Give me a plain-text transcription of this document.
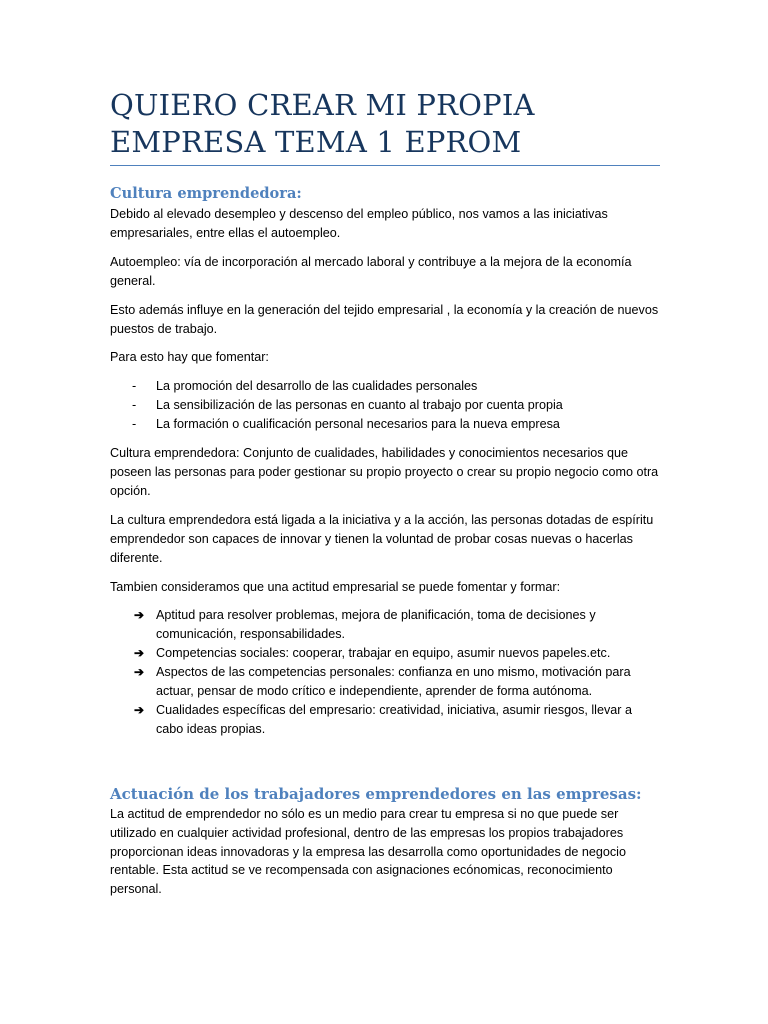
QUIERO CREAR MI PROPIA
EMPRESA TEMA 1 EPROM
Cultura emprendedora:

Debido al elevado desempleo y descenso del empleo público, nos vamos a las iniciativas empresariales, entre ellas el autoempleo.

Autoempleo: vía de incorporación al mercado laboral y contribuye a la mejora de la economía general.

Esto además influye en la generación del tejido empresarial , la economía y la creación de nuevos puestos de trabajo.

Para esto hay que fomentar:

- La promoción del desarrollo de las cualidades personales
- La sensibilización de las personas en cuanto al trabajo por cuenta propia
- La formación o cualificación personal necesarios para la nueva empresa

Cultura emprendedora: Conjunto de cualidades, habilidades y conocimientos necesarios que poseen las personas para poder gestionar su propio proyecto o crear su propio negocio como otra opción.

La cultura emprendedora está ligada a la iniciativa y a la acción, las personas dotadas de espíritu emprendedor son capaces de innovar y tienen la voluntad de probar cosas nuevas o hacerlas diferente.

Tambien consideramos que una actitud empresarial se puede fomentar y formar:

➔ Aptitud para resolver problemas, mejora de planificación, toma de decisiones y comunicación, responsabilidades.
➔ Competencias sociales: cooperar, trabajar en equipo, asumir nuevos papeles.etc.
➔ Aspectos de las competencias personales: confianza en uno mismo, motivación para actuar, pensar de modo crítico e independiente, aprender de forma autónoma.
➔ Cualidades específicas del empresario: creatividad, iniciativa, asumir riesgos, llevar a cabo ideas propias.
Actuación de los trabajadores emprendedores en las empresas:

La actitud de emprendedor no sólo es un medio para crear tu empresa si no que puede ser utilizado en cualquier actividad profesional, dentro de las empresas los propios trabajadores proporcionan ideas innovadoras y la empresa las desarrolla como oportunidades de negocio rentable. Esta actitud se ve recompensada con asignaciones ecónomicas, reconocimiento personal.
